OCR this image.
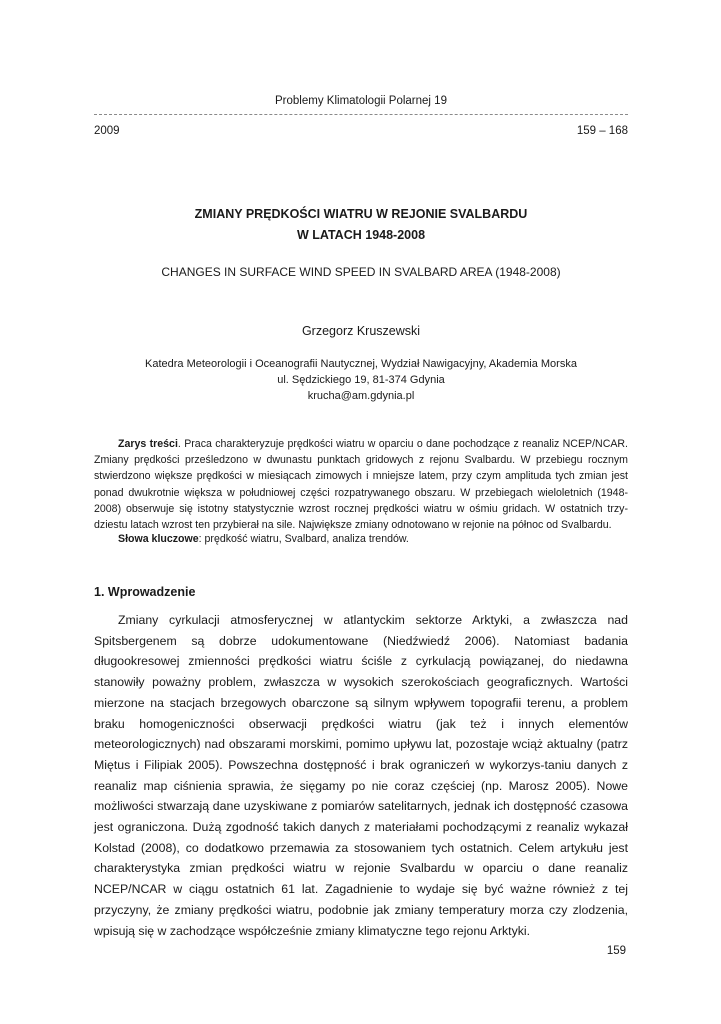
Problemy Klimatologii Polarnej 19
2009	159 – 168
ZMIANY PRĘDKOŚCI WIATRU W REJONIE SVALBARDU
W LATACH 1948-2008
CHANGES IN SURFACE WIND SPEED IN SVALBARD AREA (1948-2008)
Grzegorz Kruszewski
Katedra Meteorologii i Oceanografii Nautycznej, Wydział Nawigacyjny, Akademia Morska
ul. Sędzickiego 19, 81-374 Gdynia
krucha@am.gdynia.pl

Zarys treści. Praca charakteryzuje prędkości wiatru w oparciu o dane pochodzące z reanaliz NCEP/NCAR. Zmiany prędkości prześledzono w dwunastu punktach gridowych z rejonu Svalbardu. W przebiegu rocznym stwierdzono większe prędkości w miesiącach zimowych i mniejsze latem, przy czym amplituda tych zmian jest ponad dwukrotnie większa w południowej części rozpatrywanego obszaru. W przebiegach wieloletnich (1948-2008) obserwuje się istotny statystycznie wzrost rocznej prędkości wiatru w ośmiu gridach. W ostatnich trzy-dziestu latach wzrost ten przybierał na sile. Największe zmiany odnotowano w rejonie na północ od Svalbardu.

Słowa kluczowe: prędkość wiatru, Svalbard, analiza trendów.

1. Wprowadzenie

Zmiany cyrkulacji atmosferycznej w atlantyckim sektorze Arktyki, a zwłaszcza nad Spitsbergenem są dobrze udokumentowane (Niedźwiedź 2006). Natomiast badania długookresowej zmienności prędkości wiatru ściśle z cyrkulacją powiązanej, do niedawna stanowiły poważny problem, zwłaszcza w wysokich szerokościach geograficznych. Wartości mierzone na stacjach brzegowych obarczone są silnym wpływem topografii terenu, a problem braku homogeniczności obserwacji prędkości wiatru (jak też i innych elementów meteorologicznych) nad obszarami morskimi, pomimo upływu lat, pozostaje wciąż aktualny (patrz Miętus i Filipiak 2005). Powszechna dostępność i brak ograniczeń w wykorzys-taniu danych z reanaliz map ciśnienia sprawia, że sięgamy po nie coraz częściej (np. Marosz 2005). Nowe możliwości stwarzają dane uzyskiwane z pomiarów satelitarnych, jednak ich dostępność czasowa jest ograniczona. Dużą zgodność takich danych z materiałami pochodzącymi z reanaliz wykazał Kolstad (2008), co dodatkowo przemawia za stosowaniem tych ostatnich. Celem artykułu jest charakterystyka zmian prędkości wiatru w rejonie Svalbardu w oparciu o dane reanaliz NCEP/NCAR w ciągu ostatnich 61 lat. Zagadnienie to wydaje się być ważne również z tej przyczyny, że zmiany prędkości wiatru, podobnie jak zmiany temperatury morza czy zlodzenia, wpisują się w zachodzące współcześnie zmiany klimatyczne tego rejonu Arktyki.

159
